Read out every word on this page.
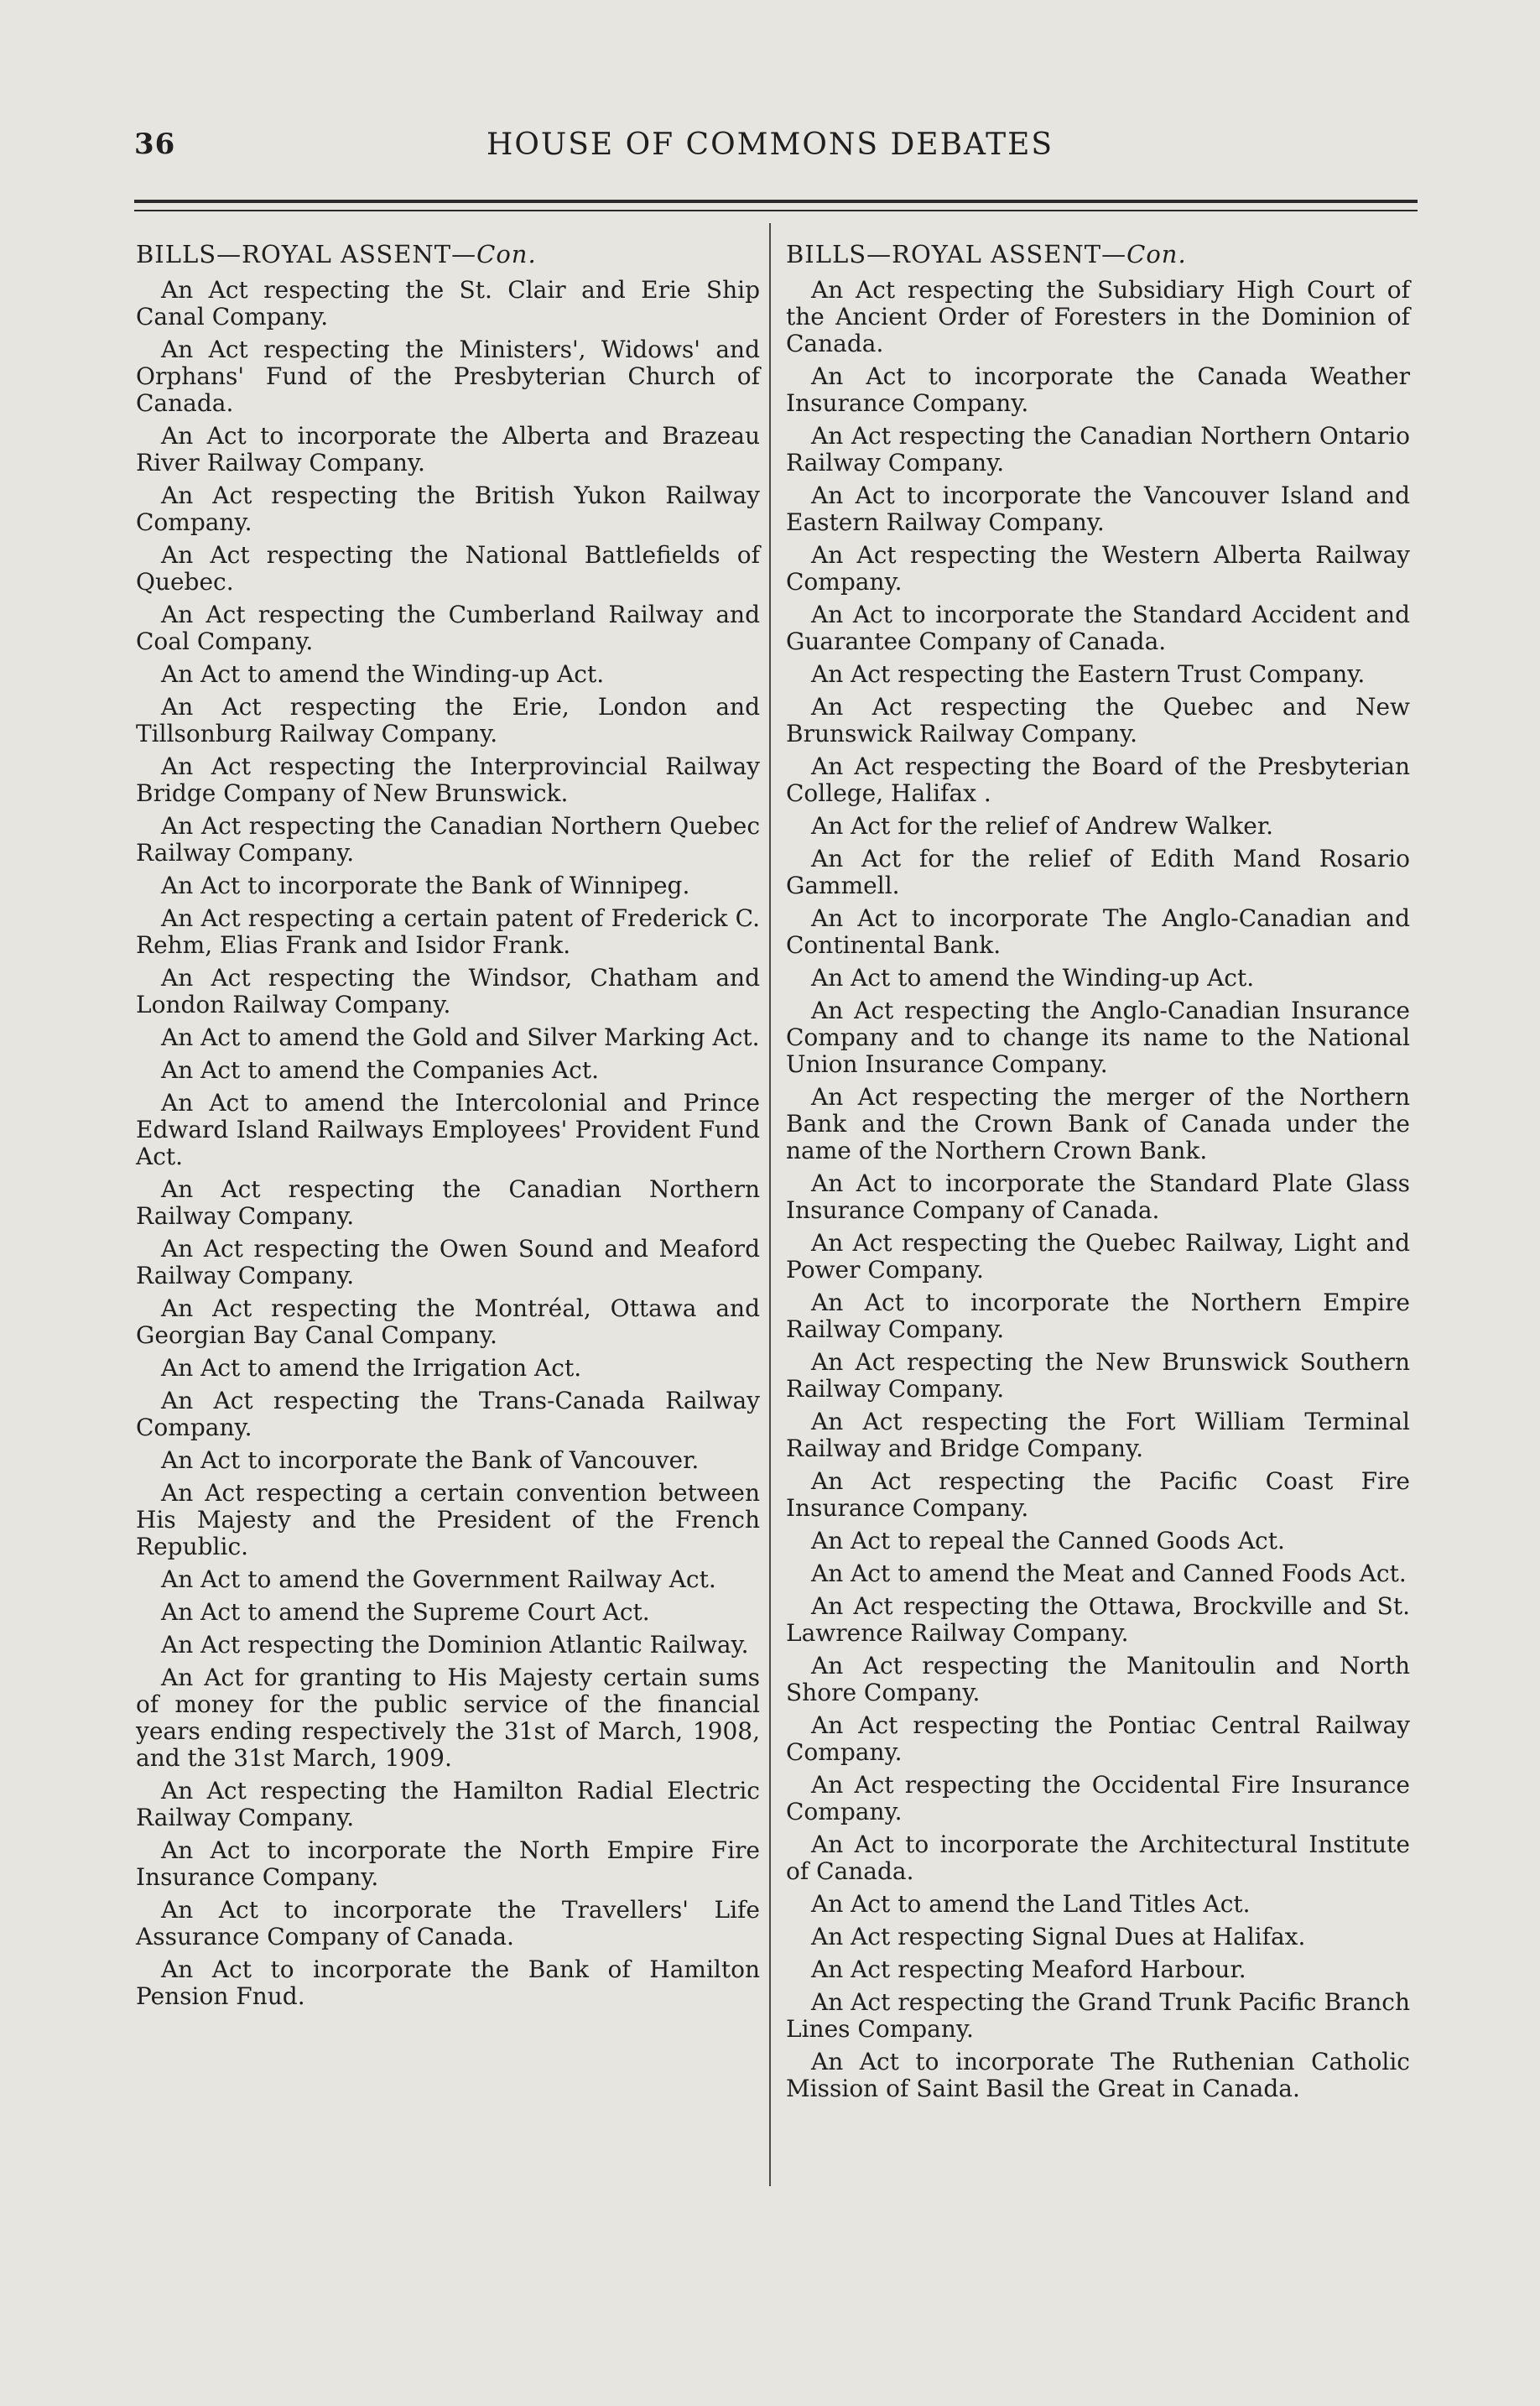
36	HOUSE OF COMMONS DEBATES
BILLS—ROYAL ASSENT—Con.

An Act respecting the St. Clair and Erie Ship Canal Company.

An Act respecting the Ministers', Widows' and Orphans' Fund of the Presbyterian Church of Canada.

An Act to incorporate the Alberta and Brazeau River Railway Company.

An Act respecting the British Yukon Railway Company.

An Act respecting the National Battlefields of Quebec.

An Act respecting the Cumberland Railway and Coal Company.

An Act to amend the Winding-up Act.

An Act respecting the Erie, London and Tillsonburg Railway Company.

An Act respecting the Interprovincial Railway Bridge Company of New Brunswick.

An Act respecting the Canadian Northern Quebec Railway Company.

An Act to incorporate the Bank of Winnipeg.

An Act respecting a certain patent of Frederick C. Rehm, Elias Frank and Isidor Frank.

An Act respecting the Windsor, Chatham and London Railway Company.

An Act to amend the Gold and Silver Marking Act.

An Act to amend the Companies Act.

An Act to amend the Intercolonial and Prince Edward Island Railways Employees' Provident Fund Act.

An Act respecting the Canadian Northern Railway Company.

An Act respecting the Owen Sound and Meaford Railway Company.

An Act respecting the Montréal, Ottawa and Georgian Bay Canal Company.

An Act to amend the Irrigation Act.

An Act respecting the Trans-Canada Railway Company.

An Act to incorporate the Bank of Vancouver.

An Act respecting a certain convention between His Majesty and the President of the French Republic.

An Act to amend the Government Railway Act.

An Act to amend the Supreme Court Act.

An Act respecting the Dominion Atlantic Railway.

An Act for granting to His Majesty certain sums of money for the public service of the financial years ending respectively the 31st of March, 1908, and the 31st March, 1909.

An Act respecting the Hamilton Radial Electric Railway Company.

An Act to incorporate the North Empire Fire Insurance Company.

An Act to incorporate the Travellers' Life Assurance Company of Canada.

An Act to incorporate the Bank of Hamilton Pension Fnud.

BILLS—ROYAL ASSENT—Con.

An Act respecting the Subsidiary High Court of the Ancient Order of Foresters in the Dominion of Canada.

An Act to incorporate the Canada Weather Insurance Company.

An Act respecting the Canadian Northern Ontario Railway Company.

An Act to incorporate the Vancouver Island and Eastern Railway Company.

An Act respecting the Western Alberta Railway Company.

An Act to incorporate the Standard Accident and Guarantee Company of Canada.

An Act respecting the Eastern Trust Company.

An Act respecting the Quebec and New Brunswick Railway Company.

An Act respecting the Board of the Presbyterian College, Halifax .

An Act for the relief of Andrew Walker.

An Act for the relief of Edith Mand Rosario Gammell.

An Act to incorporate The Anglo-Canadian and Continental Bank.

An Act to amend the Winding-up Act.

An Act respecting the Anglo-Canadian Insurance Company and to change its name to the National Union Insurance Company.

An Act respecting the merger of the Northern Bank and the Crown Bank of Canada under the name of the Northern Crown Bank.

An Act to incorporate the Standard Plate Glass Insurance Company of Canada.

An Act respecting the Quebec Railway, Light and Power Company.

An Act to incorporate the Northern Empire Railway Company.

An Act respecting the New Brunswick Southern Railway Company.

An Act respecting the Fort William Terminal Railway and Bridge Company.

An Act respecting the Pacific Coast Fire Insurance Company.

An Act to repeal the Canned Goods Act.

An Act to amend the Meat and Canned Foods Act.

An Act respecting the Ottawa, Brockville and St. Lawrence Railway Company.

An Act respecting the Manitoulin and North Shore Company.

An Act respecting the Pontiac Central Railway Company.

An Act respecting the Occidental Fire Insurance Company.

An Act to incorporate the Architectural Institute of Canada.

An Act to amend the Land Titles Act.

An Act respecting Signal Dues at Halifax.

An Act respecting Meaford Harbour.

An Act respecting the Grand Trunk Pacific Branch Lines Company.

An Act to incorporate The Ruthenian Catholic Mission of Saint Basil the Great in Canada.
